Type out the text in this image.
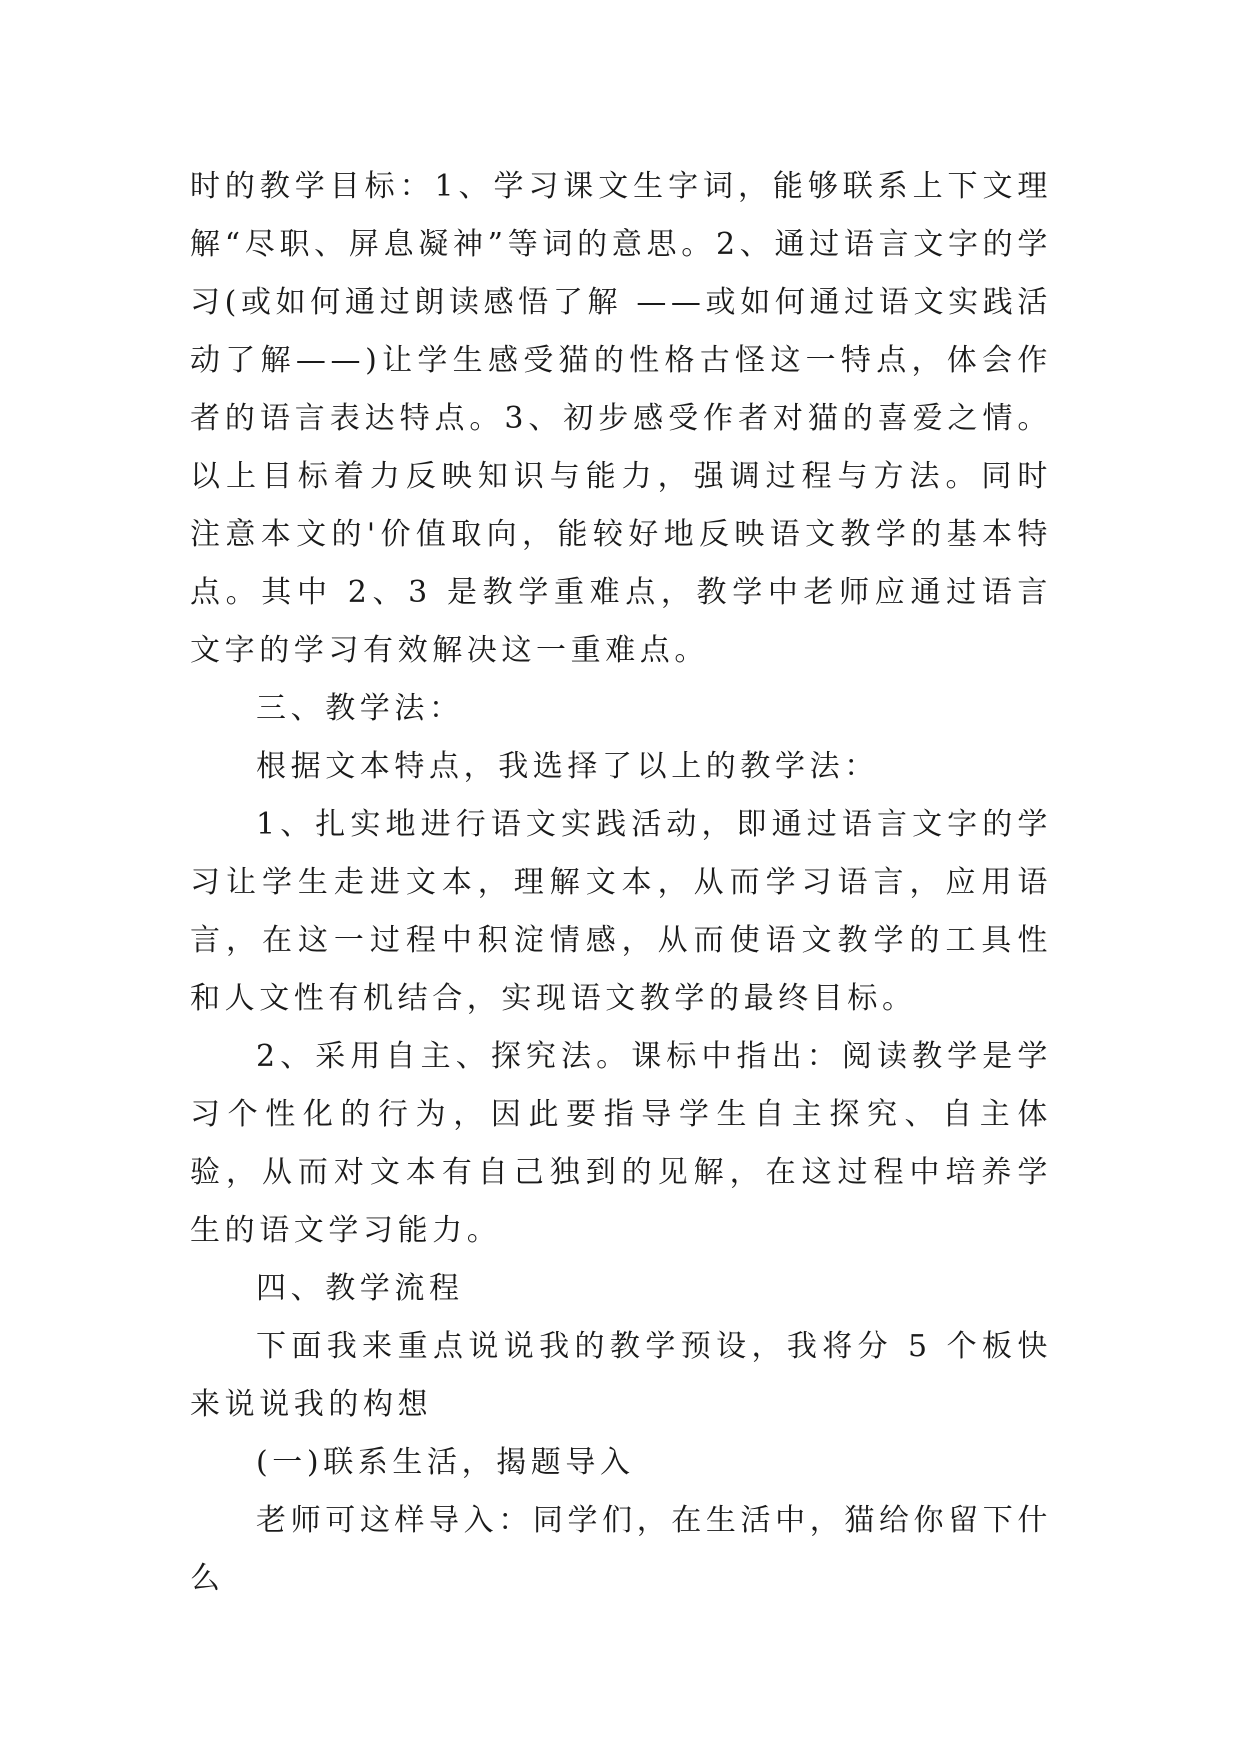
时的教学目标：1、学习课文生字词，能够联系上下文理解“尽职、屏息凝神”等词的意思。2、通过语言文字的学习(或如何通过朗读感悟了解 ——或如何通过语文实践活动了解——)让学生感受猫的性格古怪这一特点，体会作者的语言表达特点。3、初步感受作者对猫的喜爱之情。以上目标着力反映知识与能力，强调过程与方法。同时注意本文的'价值取向，能较好地反映语文教学的基本特点。其中 2、3 是教学重难点，教学中老师应通过语言文字的学习有效解决这一重难点。

三、教学法：

根据文本特点，我选择了以上的教学法：

1、扎实地进行语文实践活动，即通过语言文字的学习让学生走进文本，理解文本，从而学习语言，应用语言，在这一过程中积淀情感，从而使语文教学的工具性和人文性有机结合，实现语文教学的最终目标。

2、采用自主、探究法。课标中指出：阅读教学是学习个性化的行为，因此要指导学生自主探究、自主体验，从而对文本有自己独到的见解，在这过程中培养学生的语文学习能力。

四、教学流程

下面我来重点说说我的教学预设，我将分 5 个板快来说说我的构想

(一)联系生活，揭题导入

老师可这样导入：同学们，在生活中，猫给你留下什么
